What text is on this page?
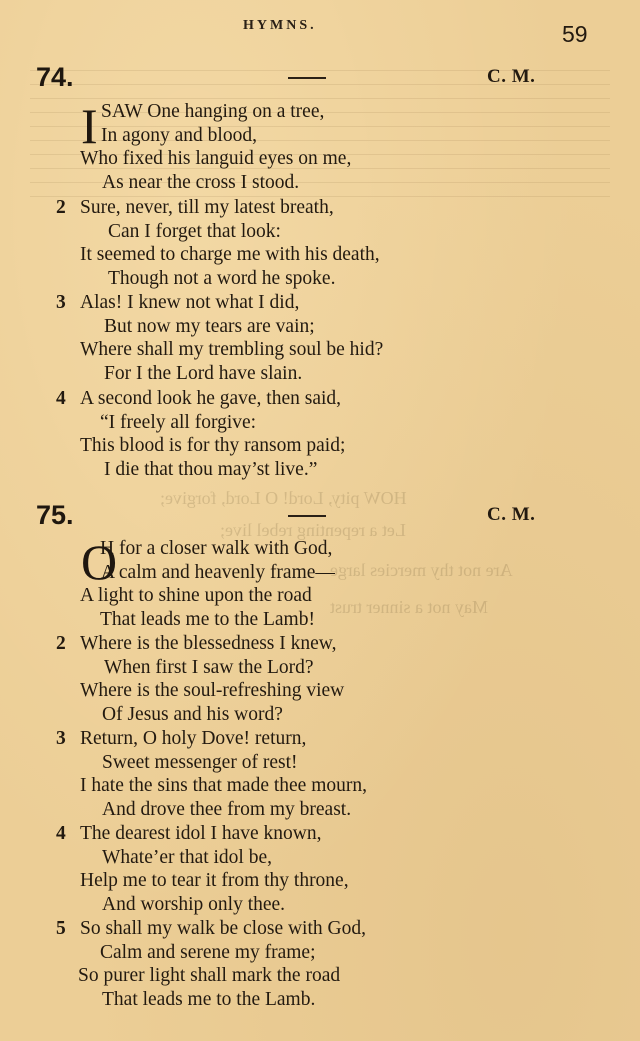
HYMNS.	59
74.	C. M.
I SAW One hanging on a tree,
In agony and blood,
Who fixed his languid eyes on me,
As near the cross I stood.
2 Sure, never, till my latest breath,
Can I forget that look:
It seemed to charge me with his death,
Though not a word he spoke.
3 Alas! I knew not what I did,
But now my tears are vain;
Where shall my trembling soul be hid?
For I the Lord have slain.
4 A second look he gave, then said,
“I freely all forgive:
This blood is for thy ransom paid;
I die that thou may’st live.”
HOW pity, Lord! O Lord, forgive;
Let a repenting rebel live;
Are not thy mercies large
May not a sinner trust
75.	C. M.
O
H for a closer walk with God,
A calm and heavenly frame—
A light to shine upon the road
That leads me to the Lamb!
2 Where is the blessedness I knew,
When first I saw the Lord?
Where is the soul-refreshing view
Of Jesus and his word?
3 Return, O holy Dove! return,
Sweet messenger of rest!
I hate the sins that made thee mourn,
And drove thee from my breast.
4 The dearest idol I have known,
Whate’er that idol be,
Help me to tear it from thy throne,
And worship only thee.
5 So shall my walk be close with God,
Calm and serene my frame;
So purer light shall mark the road
That leads me to the Lamb.
